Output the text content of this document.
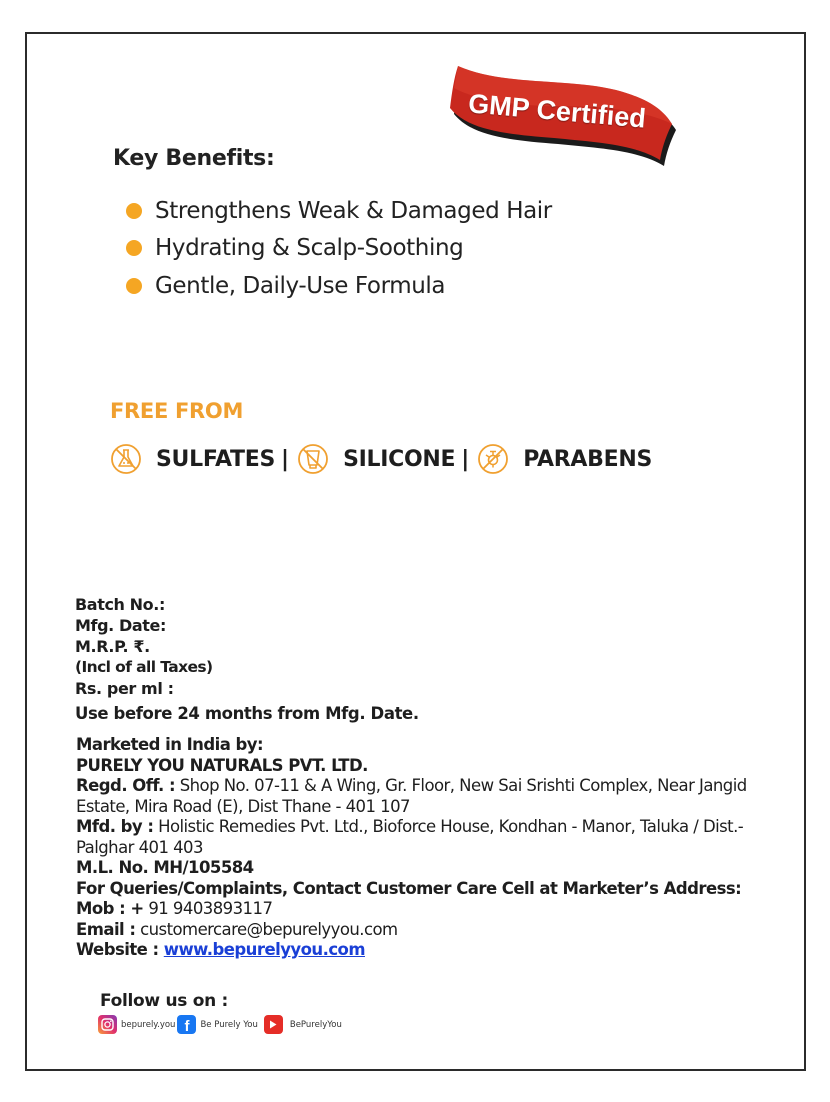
GMP Certified
Key Benefits:
Strengthens Weak & Damaged Hair
Hydrating & Scalp-Soothing
Gentle, Daily-Use Formula
FREE FROM
SULFATES | SILICONE | PARABENS
Batch No.:
Mfg. Date:
M.R.P. ₹.
(Incl of all Taxes)
Rs. per ml :
Use before 24 months from Mfg. Date.
Marketed in India by:
PURELY YOU NATURALS PVT. LTD.
Regd. Off. : Shop No. 07-11 & A Wing, Gr. Floor, New Sai Srishti Complex, Near Jangid Estate, Mira Road (E), Dist Thane - 401 107
Mfd. by : Holistic Remedies Pvt. Ltd., Bioforce House, Kondhan - Manor, Taluka / Dist.- Palghar 401 403
M.L. No. MH/105584
For Queries/Complaints, Contact Customer Care Cell at Marketer’s Address:
Mob : + 91 9403893117
Email : customercare@bepurelyyou.com
Website : www.bepurelyyou.com
Follow us on :
bepurely.you f Be Purely You	BePurelyYou
